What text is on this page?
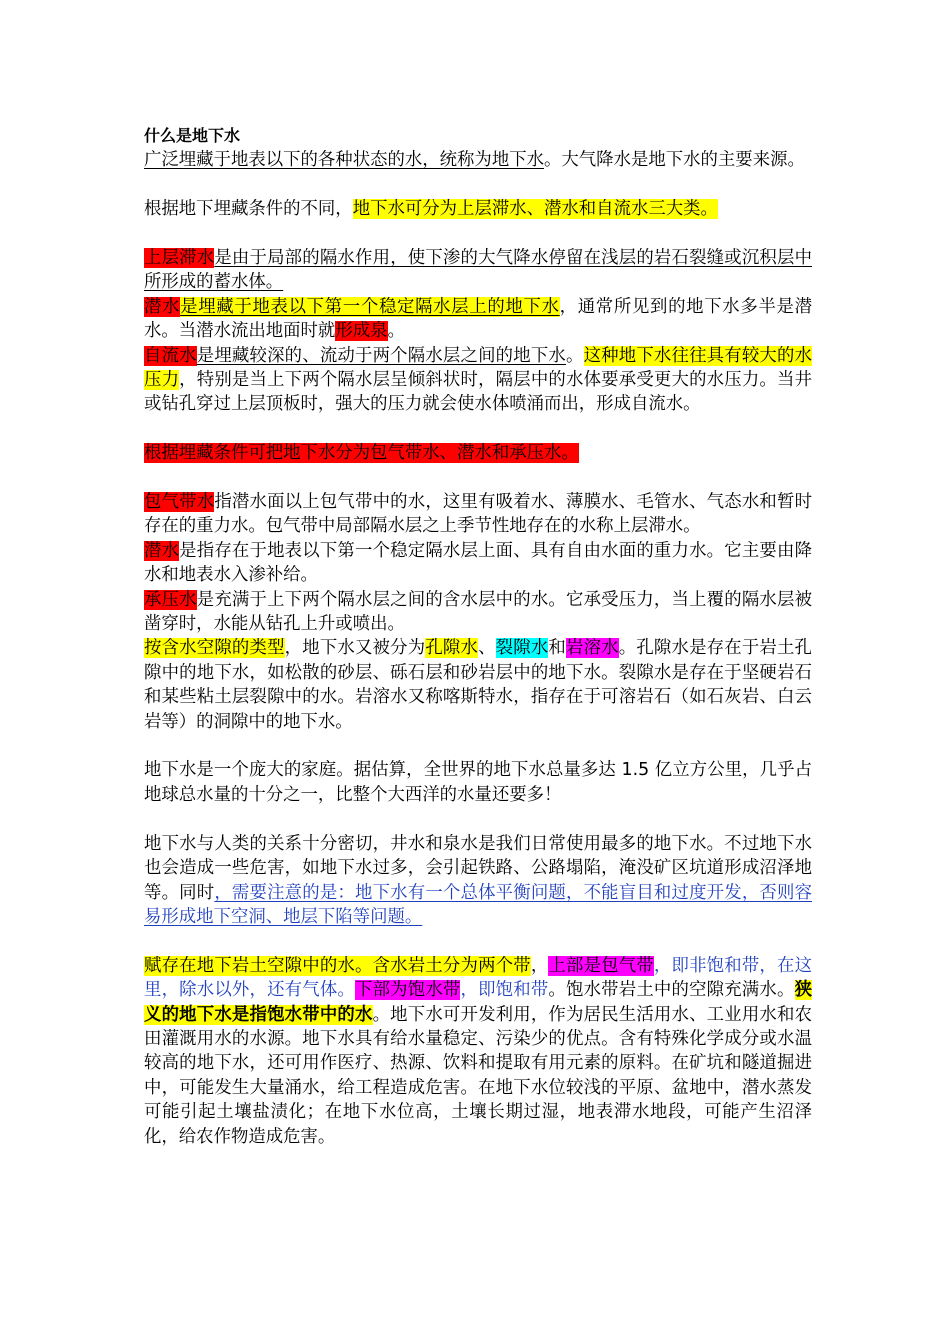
什么是地下水

广泛埋藏于地表以下的各种状态的水，统称为地下水。大气降水是地下水的主要来源。

根据地下埋藏条件的不同，地下水可分为上层滞水、潜水和自流水三大类。

上层滞水是由于局部的隔水作用，使下渗的大气降水停留在浅层的岩石裂缝或沉积层中所形成的蓄水体。

潜水是埋藏于地表以下第一个稳定隔水层上的地下水，通常所见到的地下水多半是潜水。当潜水流出地面时就形成泉。

自流水是埋藏较深的、流动于两个隔水层之间的地下水。这种地下水往往具有较大的水压力，特别是当上下两个隔水层呈倾斜状时，隔层中的水体要承受更大的水压力。当井或钻孔穿过上层顶板时，强大的压力就会使水体喷涌而出，形成自流水。

根据埋藏条件可把地下水分为包气带水、潜水和承压水。

包气带水指潜水面以上包气带中的水，这里有吸着水、薄膜水、毛管水、气态水和暂时存在的重力水。包气带中局部隔水层之上季节性地存在的水称上层滞水。

潜水是指存在于地表以下第一个稳定隔水层上面、具有自由水面的重力水。它主要由降水和地表水入渗补给。

承压水是充满于上下两个隔水层之间的含水层中的水。它承受压力，当上覆的隔水层被凿穿时，水能从钻孔上升或喷出。

按含水空隙的类型，地下水又被分为孔隙水、裂隙水和岩溶水。孔隙水是存在于岩土孔隙中的地下水，如松散的砂层、砾石层和砂岩层中的地下水。裂隙水是存在于坚硬岩石和某些粘土层裂隙中的水。岩溶水又称喀斯特水，指存在于可溶岩石（如石灰岩、白云岩等）的洞隙中的地下水。

地下水是一个庞大的家庭。据估算，全世界的地下水总量多达 1.5 亿立方公里，几乎占地球总水量的十分之一，比整个大西洋的水量还要多！

地下水与人类的关系十分密切，井水和泉水是我们日常使用最多的地下水。不过地下水也会造成一些危害，如地下水过多，会引起铁路、公路塌陷，淹没矿区坑道形成沼泽地等。同时，需要注意的是：地下水有一个总体平衡问题，不能盲目和过度开发，否则容易形成地下空洞、地层下陷等问题。

赋存在地下岩土空隙中的水。含水岩土分为两个带，上部是包气带，即非饱和带，在这里，除水以外，还有气体。下部为饱水带，即饱和带。饱水带岩土中的空隙充满水。狭义的地下水是指饱水带中的水。地下水可开发利用，作为居民生活用水、工业用水和农田灌溉用水的水源。地下水具有给水量稳定、污染少的优点。含有特殊化学成分或水温较高的地下水，还可用作医疗、热源、饮料和提取有用元素的原料。在矿坑和隧道掘进中，可能发生大量涌水，给工程造成危害。在地下水位较浅的平原、盆地中，潜水蒸发可能引起土壤盐渍化；在地下水位高，土壤长期过湿，地表滞水地段，可能产生沼泽化，给农作物造成危害。
